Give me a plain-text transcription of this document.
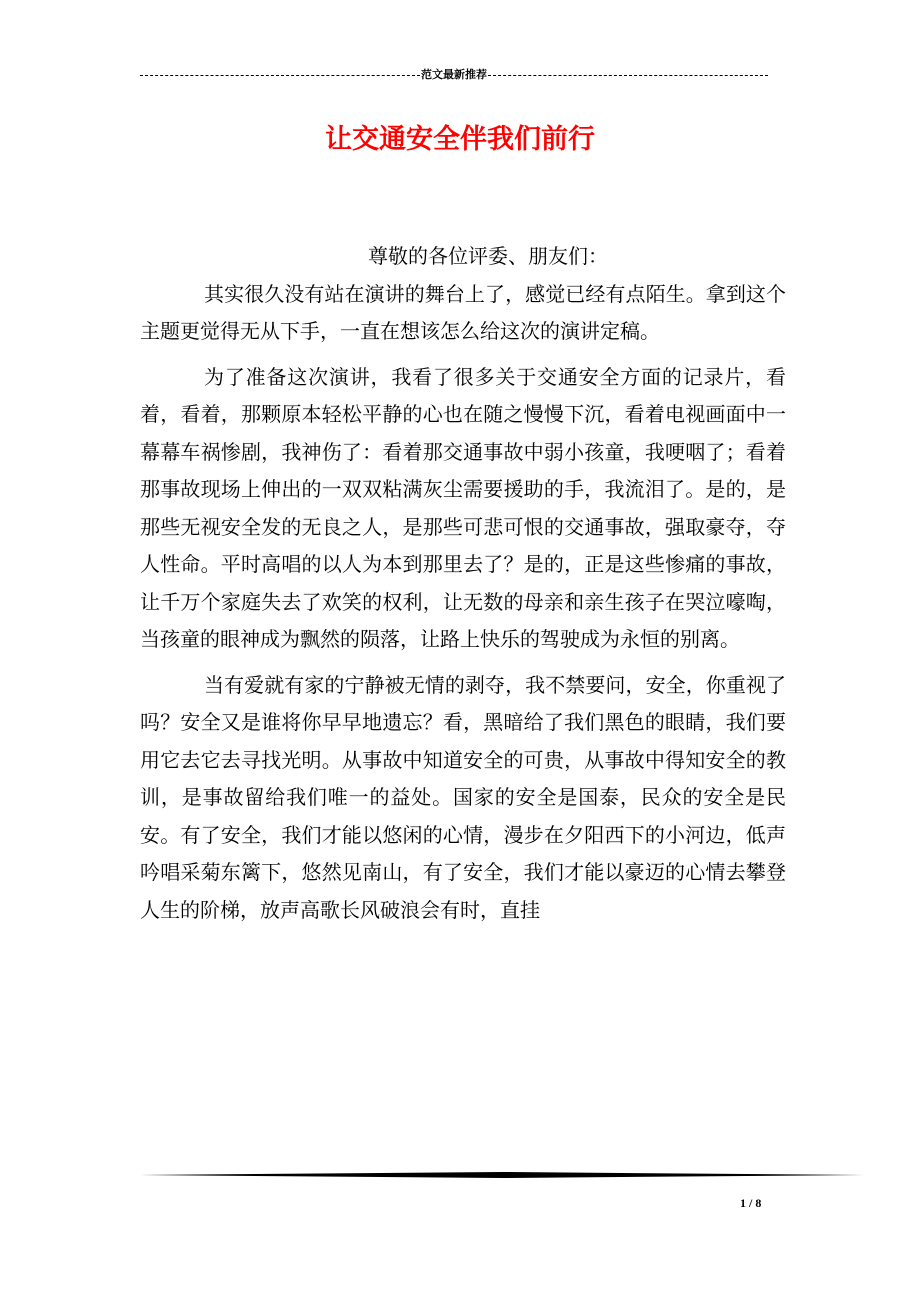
范文最新推荐
让交通安全伴我们前行

尊敬的各位评委、朋友们：

其实很久没有站在演讲的舞台上了，感觉已经有点陌生。拿到这个主题更觉得无从下手，一直在想该怎么给这次的演讲定稿。

为了准备这次演讲，我看了很多关于交通安全方面的记录片，看着，看着，那颗原本轻松平静的心也在随之慢慢下沉，看着电视画面中一幕幕车祸惨剧，我神伤了：看着那交通事故中弱小孩童，我哽咽了；看着那事故现场上伸出的一双双粘满灰尘需要援助的手，我流泪了。是的，是那些无视安全发的无良之人，是那些可悲可恨的交通事故，强取豪夺，夺人性命。平时高唱的以人为本到那里去了？是的，正是这些惨痛的事故，让千万个家庭失去了欢笑的权利，让无数的母亲和亲生孩子在哭泣嚎啕，当孩童的眼神成为飘然的陨落，让路上快乐的驾驶成为永恒的别离。

当有爱就有家的宁静被无情的剥夺，我不禁要问，安全，你重视了吗？安全又是谁将你早早地遗忘？看，黑暗给了我们黑色的眼睛，我们要用它去它去寻找光明。从事故中知道安全的可贵，从事故中得知安全的教训，是事故留给我们唯一的益处。国家的安全是国泰，民众的安全是民安。有了安全，我们才能以悠闲的心情，漫步在夕阳西下的小河边，低声吟唱采菊东篱下，悠然见南山，有了安全，我们才能以豪迈的心情去攀登人生的阶梯，放声高歌长风破浪会有时，直挂

1 / 8
